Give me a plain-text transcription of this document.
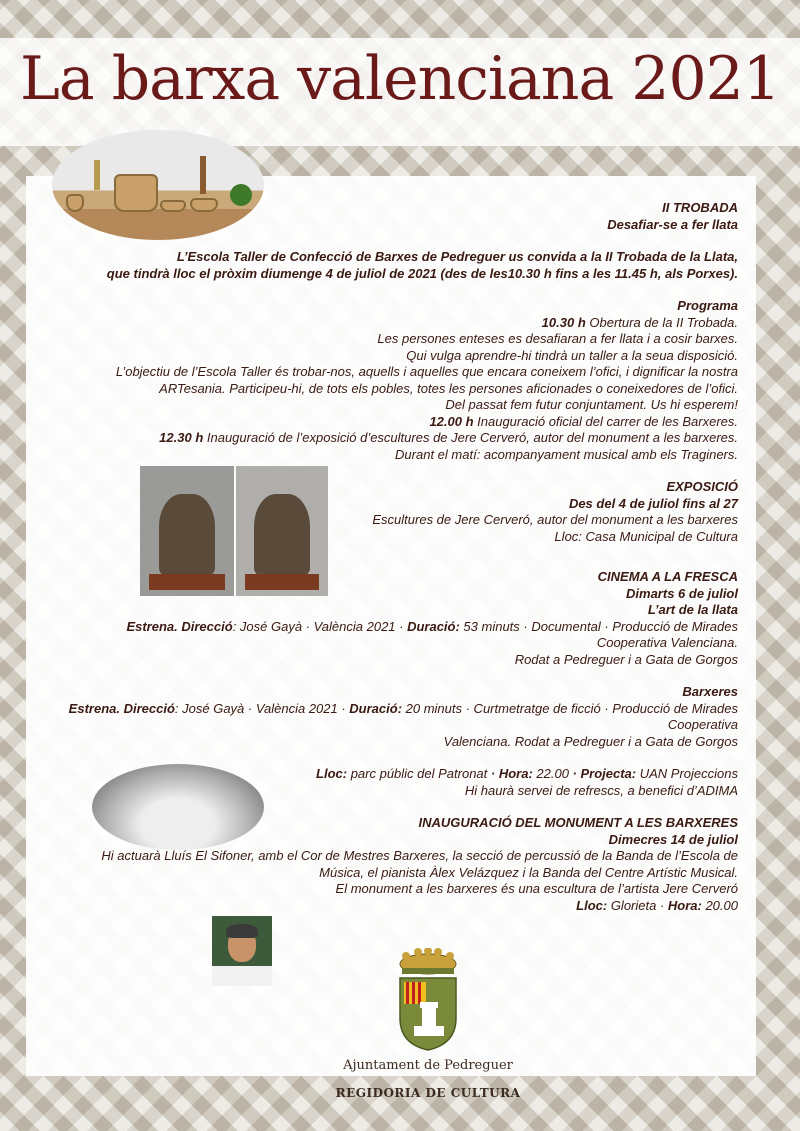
La barxa valenciana 2021

II TROBADA

Desafiar-se a fer llata

L’Escola Taller de Confecció de Barxes de Pedreguer us convida a la II Trobada de la Llata,

que tindrà lloc el pròxim diumenge 4 de juliol de 2021 (des de les10.30 h fins a les 11.45 h, als Porxes).

Programa

10.30 h Obertura de la II Trobada.

Les persones enteses es desafiaran a fer llata i a cosir barxes.

Qui vulga aprendre-hi tindrà un taller a la seua disposició.

L’objectiu de l’Escola Taller és trobar-nos, aquells i aquelles que encara coneixem l’ofici, i dignificar la nostra

ARTesania. Participeu-hi, de tots els pobles, totes les persones aficionades o coneixedores de l’ofici.

Del passat fem futur conjuntament. Us hi esperem!

12.00 h Inauguració oficial del carrer de les Barxeres.

12.30 h Inauguració de l’exposició d’escultures de Jere Cerveró, autor del monument a les barxeres.

Durant el matí: acompanyament musical amb els Traginers.

EXPOSICIÓ

Des del 4 de juliol fins al 27

Escultures de Jere Cerveró, autor del monument a les barxeres

Lloc: Casa Municipal de Cultura

CINEMA A LA FRESCA

Dimarts 6 de juliol

L’art de la llata

Estrena. Direcció: José Gayà · València 2021 · Duració: 53 minuts · Documental · Producció de Mirades

Cooperativa Valenciana.

Rodat a Pedreguer i a Gata de Gorgos

Barxeres

Estrena. Direcció: José Gayà · València 2021 · Duració: 20 minuts · Curtmetratge de ficció · Producció de Mirades

Cooperativa

Valenciana. Rodat a Pedreguer i a Gata de Gorgos

Lloc: parc públic del Patronat · Hora: 22.00 · Projecta: UAN Projeccions

Hi haurà servei de refrescs, a benefici d’ADIMA

INAUGURACIÓ DEL MONUMENT A LES BARXERES

Dimecres 14 de juliol

Hi actuarà Lluís El Sifoner, amb el Cor de Mestres Barxeres, la secció de percussió de la Banda de l’Escola de

Música, el pianista Àlex Velázquez i la Banda del Centre Artístic Musical.

El monument a les barxeres és una escultura de l’artista Jere Cerveró

Lloc: Glorieta · Hora: 20.00

Ajuntament de Pedreguer
REGIDORIA DE CULTURA
